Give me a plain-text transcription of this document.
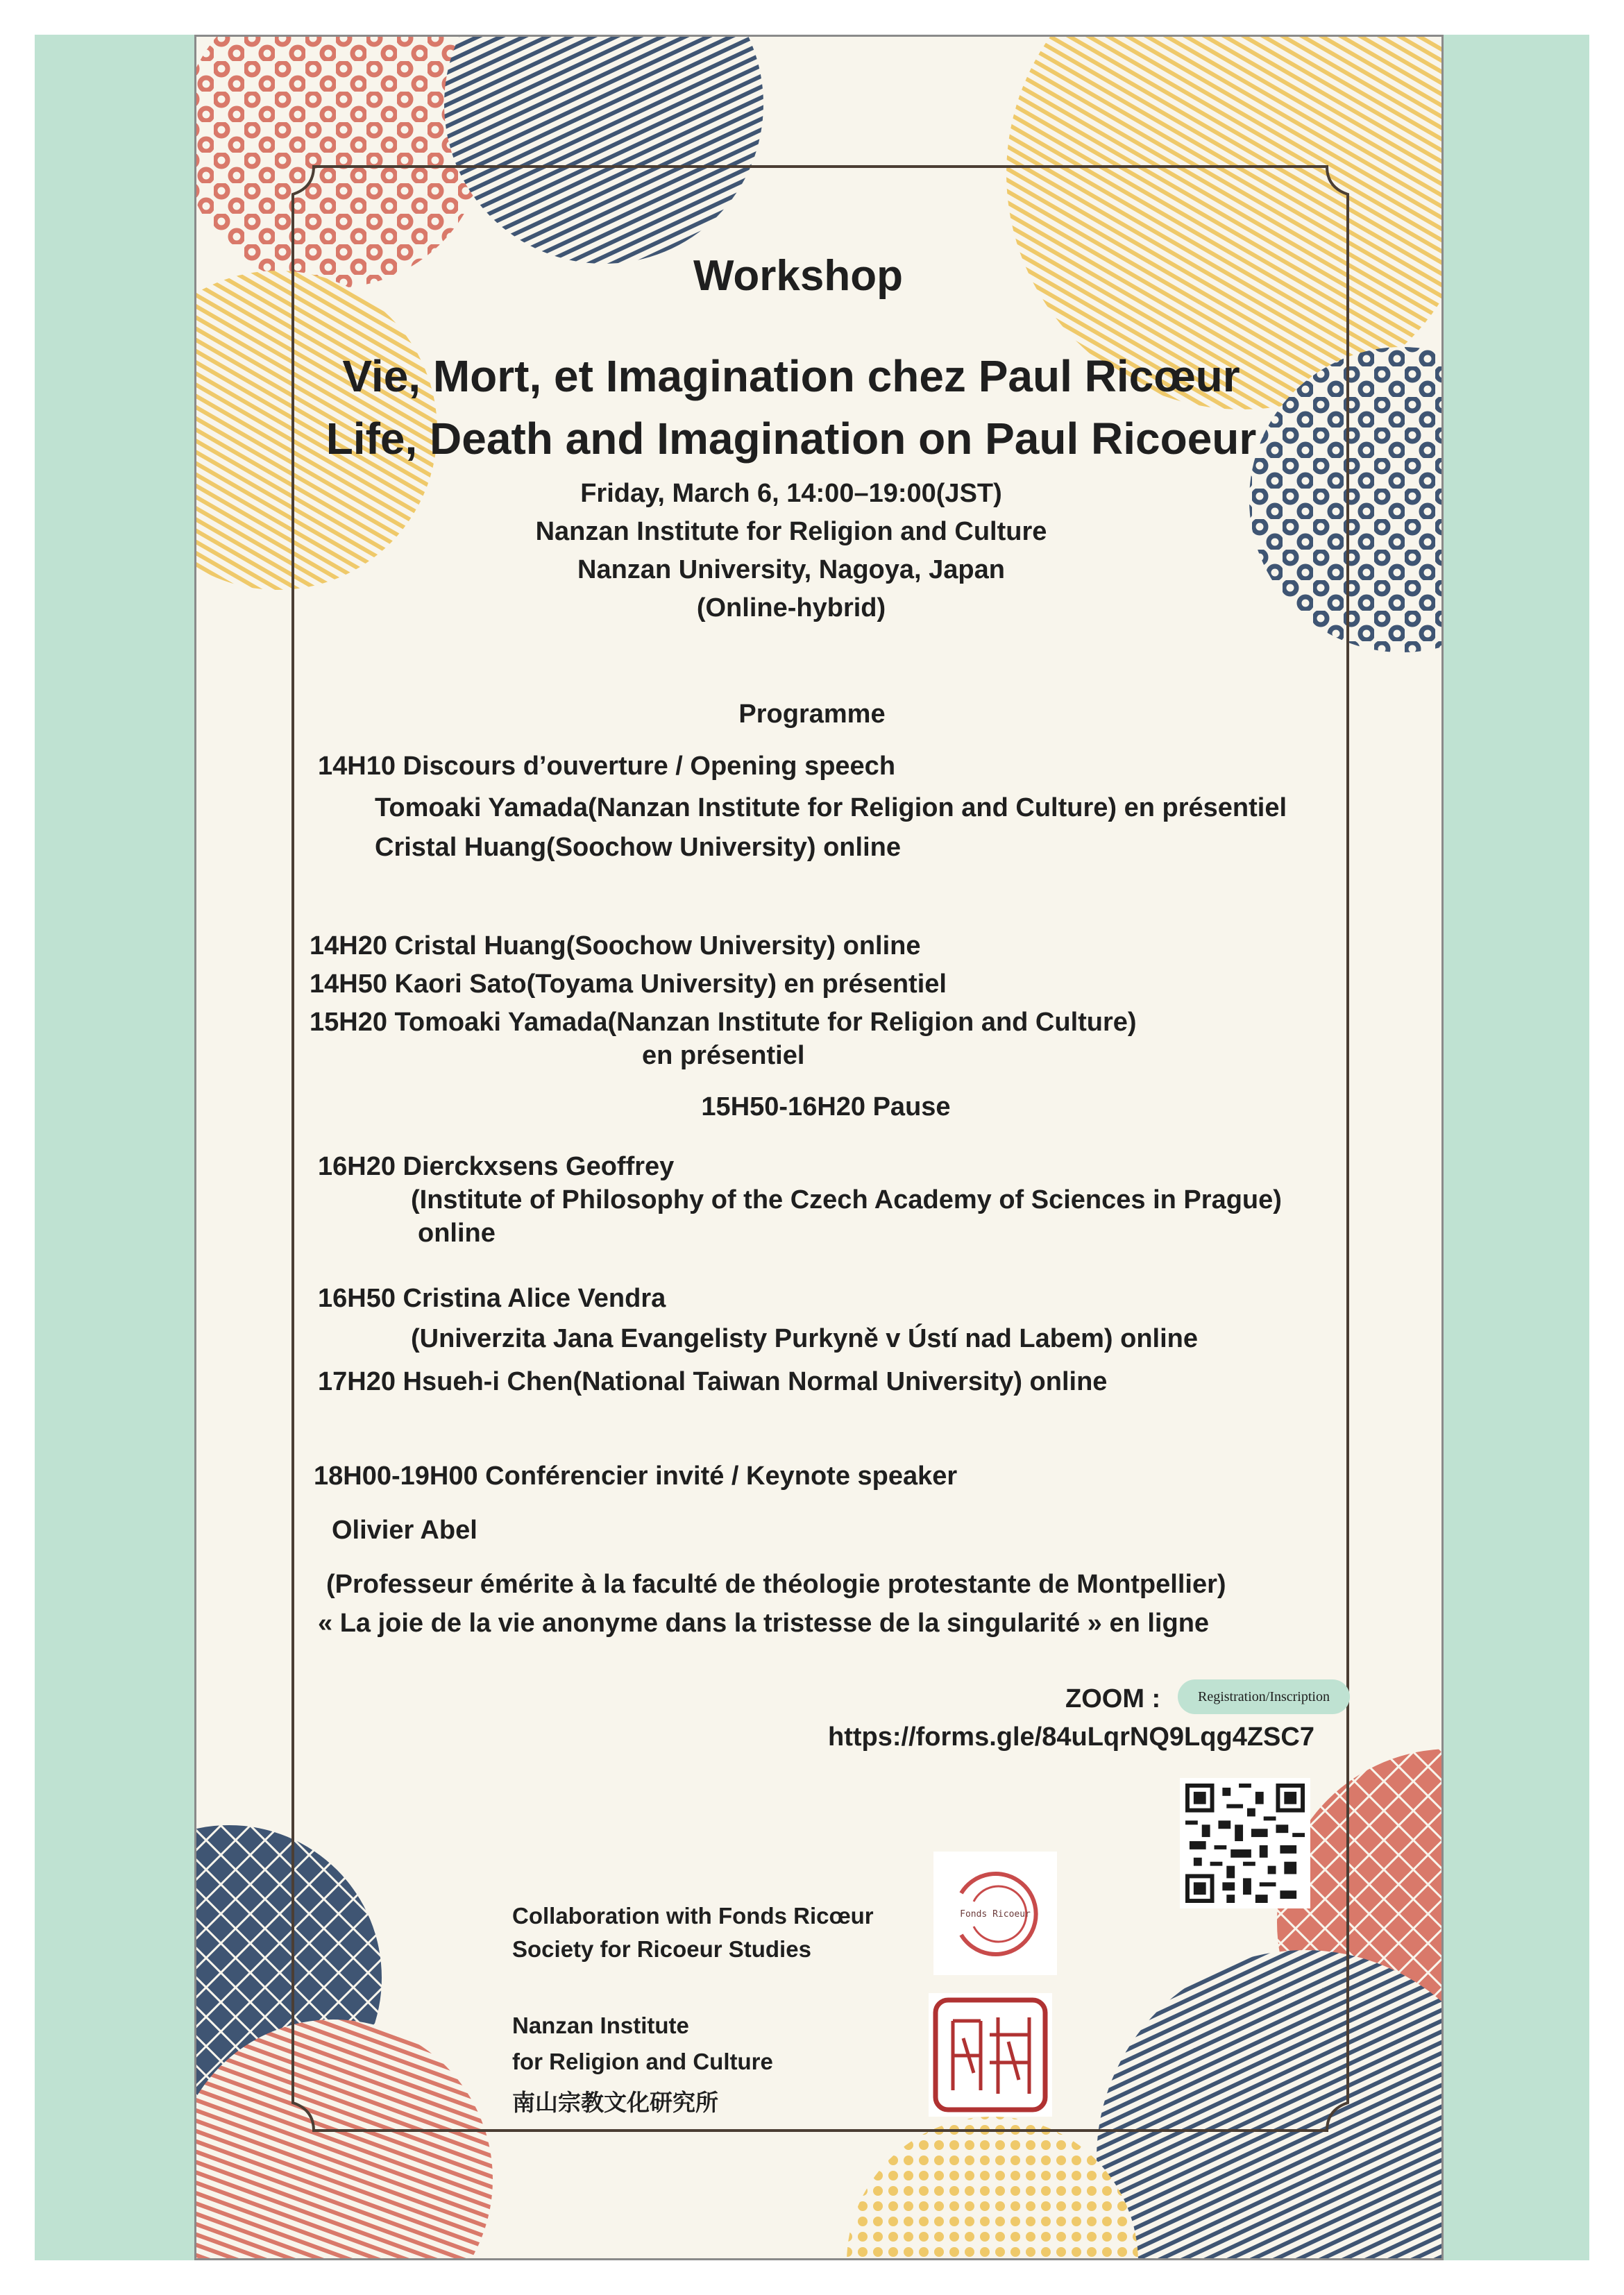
Workshop
Vie, Mort, et Imagination chez Paul Ricœur
Life, Death and Imagination on Paul Ricoeur
Friday, March 6, 14:00–19:00(JST)
Nanzan Institute for Religion and Culture
Nanzan University, Nagoya, Japan
(Online-hybrid)
Programme
14H10 Discours d’ouverture / Opening speech
Tomoaki Yamada(Nanzan Institute for Religion and Culture) en présentiel
Cristal Huang(Soochow University) online
14H20 Cristal Huang(Soochow University) online
14H50 Kaori Sato(Toyama University) en présentiel
15H20 Tomoaki Yamada(Nanzan Institute for Religion and Culture)
en présentiel
15H50-16H20 Pause
16H20 Dierckxsens Geoffrey
(Institute of Philosophy of the Czech Academy of Sciences in Prague)
online
16H50 Cristina Alice Vendra
(Univerzita Jana Evangelisty Purkyně v Ústí nad Labem) online
17H20 Hsueh-i Chen(National Taiwan Normal University) online
18H00-19H00 Conférencier invité / Keynote speaker
Olivier Abel
(Professeur émérite à la faculté de théologie protestante de Montpellier)
« La joie de la vie anonyme dans la tristesse de la singularité » en ligne
ZOOM :	Registration/Inscription
https://forms.gle/84uLqrNQ9Lqg4ZSC7
Collaboration with Fonds Ricœur
Society for Ricoeur Studies
Nanzan Institute
for Religion and Culture
南山宗教文化研究所
Fonds Ricoeur
